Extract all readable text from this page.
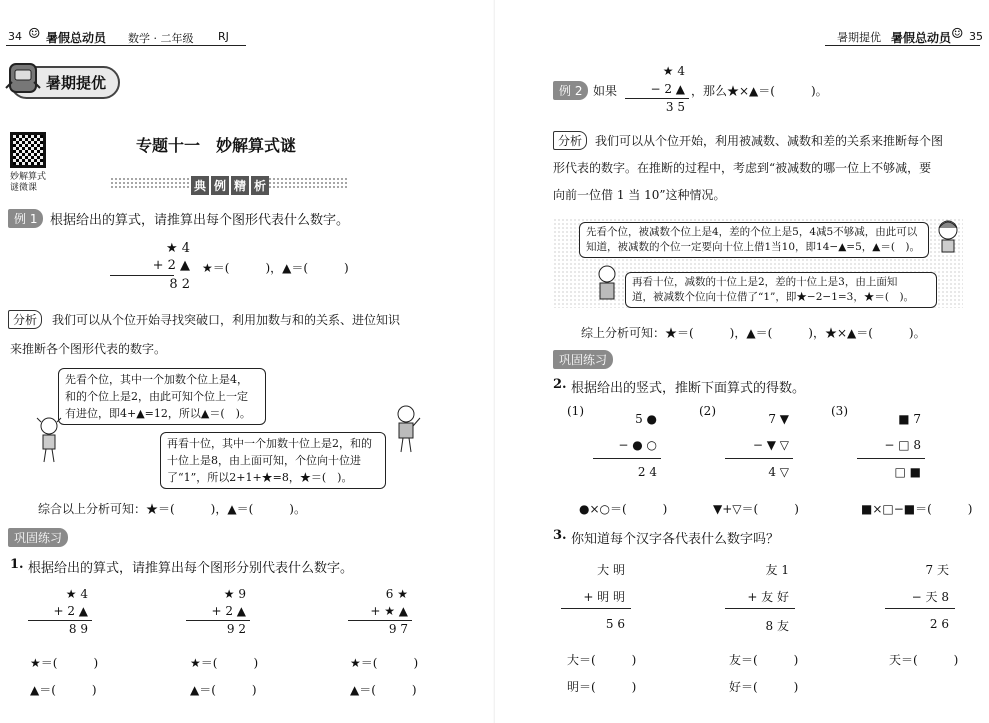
34 ☺ 暑假总动员 数学 · 二年级 RJ
暑期提优
妙解算式
谜微课
专题十一　妙解算式谜
典 例 精 析
例 1 根据给出的算式，请推算出每个图形代表什么数字。
★ 4
+ 2 ▲
8 2
★＝(　　　)，▲＝(　　　)
分析	我们可以从个位开始寻找突破口，利用加数与和的关系、进位知识
来推断各个图形代表的数字。
先看个位，其中一个加数个位上是4，
和的个位上是2，由此可知个位上一定
有进位，即4+▲=12，所以▲＝(　)。
再看十位，其中一个加数十位上是2，和的
十位上是8，由上面可知，个位向十位进
了“1”，所以2+1+★=8，★＝(　)。
综合以上分析可知：★＝(　　　)，▲＝(　　　)。
巩固练习
1. 根据给出的算式，请推算出每个图形分别代表什么数字。
★ 4
+ 2 ▲
8 9
★＝(　　　)
▲＝(　　　)
★ 9
+ 2 ▲
9 2
★＝(　　　)
▲＝(　　　)
6 ★
+ ★ ▲
9 7
★＝(　　　)
▲＝(　　　)
暑期提优 暑假总动员 ☺ 35
例 2 如果
★ 4
− 2 ▲
3 5
，那么★×▲＝(　　　)。
分析	我们可以从个位开始，利用被减数、减数和差的关系来推断每个图
形代表的数字。在推断的过程中，考虑到“被减数的哪一位上不够减，要
向前一位借 1 当 10”这种情况。
先看个位，被减数个位上是4，差的个位上是5，4减5不够减，由此可以
知道，被减数的个位一定要向十位上借1当10，即14−▲=5，▲＝(　)。
再看十位，减数的十位上是2，差的十位上是3，由上面知
道，被减数个位向十位借了“1”，即★−2−1=3，★＝(　)。
综上分析可知：★＝(　　　)，▲＝(　　　)，★×▲＝(　　　)。
巩固练习
2. 根据给出的竖式，推断下面算式的得数。
(1)
5 ●
− ● ○
2 4
●×○＝(　　　)
(2)
7 ▼
− ▼ ▽
4 ▽
▼+▽＝(　　　)
(3)
■ 7
− □ 8
□ ■
■×□−■＝(　　　)
3. 你知道每个汉字各代表什么数字吗？
大 明
+ 明 明
5 6
大＝(　　　)
明＝(　　　)
友 1
+ 友 好
8 友
友＝(　　　)
好＝(　　　)
7 天
− 天 8
2 6
天＝(　　　)
